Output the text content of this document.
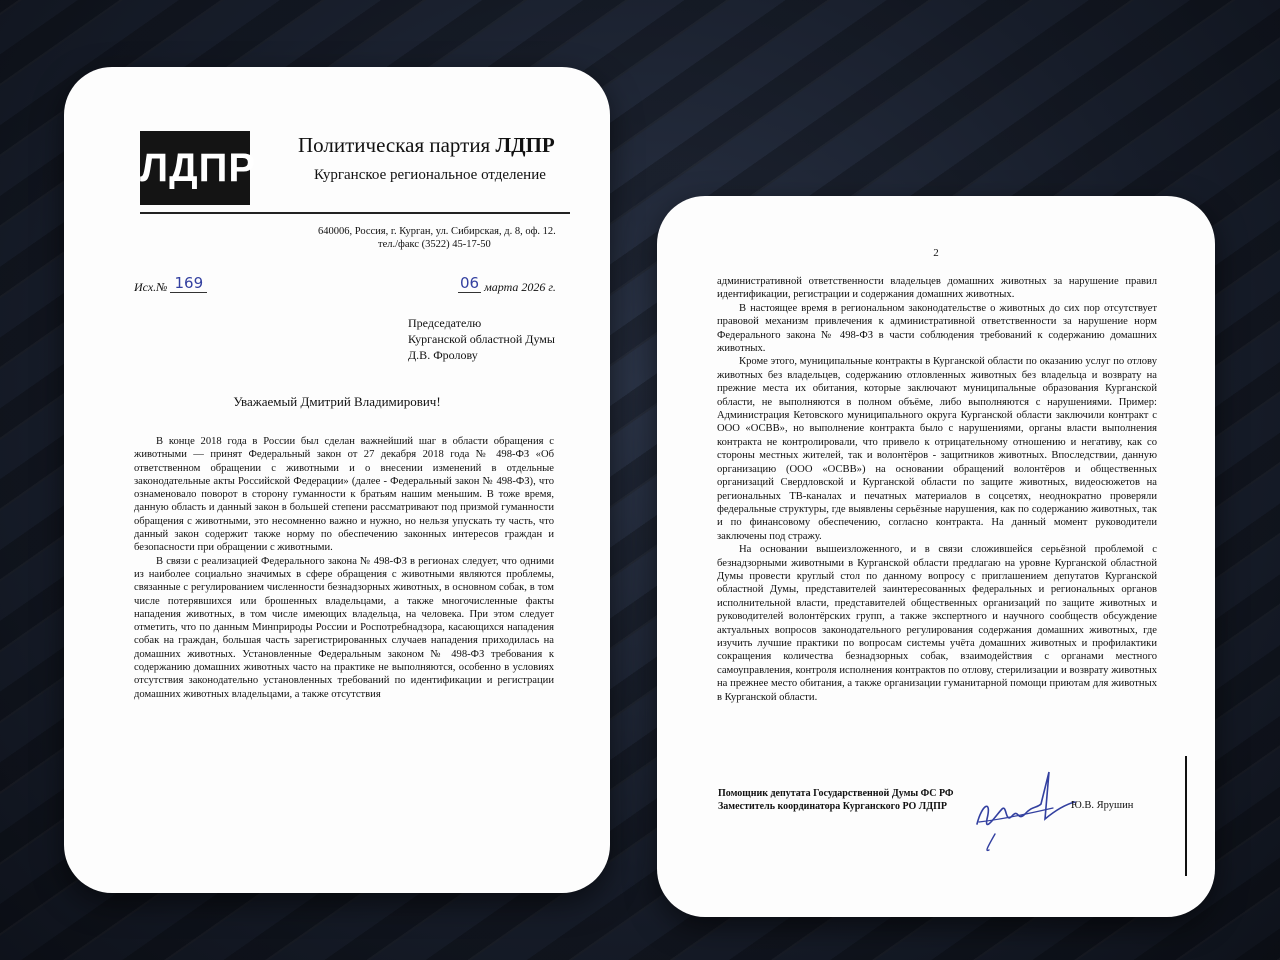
ЛДПР
Политическая партия ЛДПР
Курганское региональное отделение
640006, Россия, г. Курган, ул. Сибирская, д. 8, оф. 12.
тел./факс (3522) 45-17-50
Исх.№ 169	06 марта 2026 г.
Председателю
Курганской областной Думы
Д.В. Фролову
Уважаемый Дмитрий Владимирович!

В конце 2018 года в России был сделан важнейший шаг в области обращения с животными — принят Федеральный закон от 27 декабря 2018 года № 498-ФЗ «Об ответственном обращении с животными и о внесении изменений в отдельные законодательные акты Российской Федерации» (далее - Федеральный закон № 498-ФЗ), что ознаменовало поворот в сторону гуманности к братьям нашим меньшим. В тоже время, данную область и данный закон в большей степени рассматривают под призмой гуманности обращения с животными, это несомненно важно и нужно, но нельзя упускать ту часть, что данный закон содержит также норму по обеспечению законных интересов граждан и безопасности при обращении с животными.

В связи с реализацией Федерального закона № 498-ФЗ в регионах следует, что одними из наиболее социально значимых в сфере обращения с животными являются проблемы, связанные с регулированием численности безнадзорных животных, в основном собак, в том числе потерявшихся или брошенных владельцами, а также многочисленные факты нападения животных, в том числе имеющих владельца, на человека. При этом следует отметить, что по данным Минприроды России и Роспотребнадзора, касающихся нападения собак на граждан, большая часть зарегистрированных случаев нападения приходилась на домашних животных. Установленные Федеральным законом № 498-ФЗ требования к содержанию домашних животных часто на практике не выполняются, особенно в условиях отсутствия законодательно установленных требований по идентификации и регистрации домашних животных владельцами, а также отсутствия

2

административной ответственности владельцев домашних животных за нарушение правил идентификации, регистрации и содержания домашних животных.

В настоящее время в региональном законодательстве о животных до сих пор отсутствует правовой механизм привлечения к административной ответственности за нарушение норм Федерального закона № 498-ФЗ в части соблюдения требований к содержанию домашних животных.

Кроме этого, муниципальные контракты в Курганской области по оказанию услуг по отлову животных без владельцев, содержанию отловленных животных без владельца и возврату на прежние места их обитания, которые заключают муниципальные образования Курганской области, не выполняются в полном объёме, либо выполняются с нарушениями. Пример: Администрация Кетовского муниципального округа Курганской области заключили контракт с ООО «ОСВВ», но выполнение контракта было с нарушениями, органы власти выполнения контракта не контролировали, что привело к отрицательному отношению и негативу, как со стороны местных жителей, так и волонтёров - защитников животных. Впоследствии, данную организацию (ООО «ОСВВ») на основании обращений волонтёров и общественных организаций Свердловской и Курганской области по защите животных, видеосюжетов на региональных ТВ-каналах и печатных материалов в соцсетях, неоднократно проверяли федеральные структуры, где выявлены серьёзные нарушения, как по содержанию животных, так и по финансовому обеспечению, согласно контракта. На данный момент руководители заключены под стражу.

На основании вышеизложенного, и в связи сложившейся серьёзной проблемой с безнадзорными животными в Курганской области предлагаю на уровне Курганской областной Думы провести круглый стол по данному вопросу с приглашением депутатов Курганской областной Думы, представителей заинтересованных федеральных и региональных органов исполнительной власти, представителей общественных организаций по защите животных и руководителей волонтёрских групп, а также экспертного и научного сообществ обсуждение актуальных вопросов законодательного регулирования содержания домашних животных, где изучить лучшие практики по вопросам системы учёта домашних животных и профилактики сокращения количества безнадзорных собак, взаимодействия с органами местного самоуправления, контроля исполнения контрактов по отлову, стерилизации и возврату животных на прежнее место обитания, а также организации гуманитарной помощи приютам для животных в Курганской области.

Помощник депутата Государственной Думы ФС РФ
Заместитель координатора Курганского РО ЛДПР	Ю.В. Ярушин
